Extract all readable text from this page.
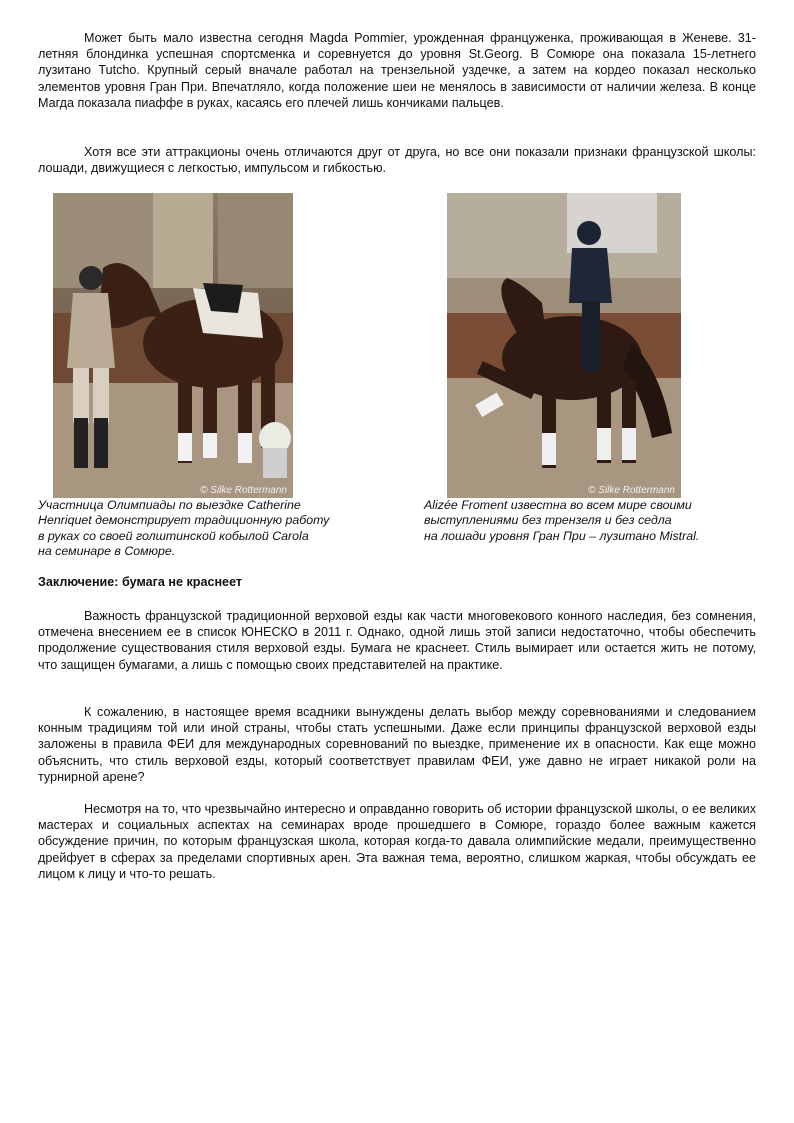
Может быть мало известна сегодня Magda Pommier, урожденная француженка, проживающая в Женеве. 31-летняя блондинка успешная спортсменка и соревнуется до уровня St.Georg. В Сомюре она показала 15-летнего лузитано Tutcho. Крупный серый вначале работал на трензельной уздечке, а затем на кордео показал несколько элементов уровня Гран При. Впечатляло, когда положение шеи не менялось в зависимости от наличии железа. В конце Магда показала пиаффе в руках, касаясь его плечей лишь кончиками пальцев.

Хотя все эти аттракционы очень отличаются друг от друга, но все они показали признаки французской школы: лошади, движущиеся с легкостью, импульсом и гибкостью.

© Silke Rottermann	© Silke Rottermann
Участница Олимпиады по выездке Catherine
Henriquet демонстрирует традиционную работу
в руках со своей голштинской кобылой Carola
на семинаре в Сомюре.
Alizée Froment известна во всем мире своими
выступлениями без трензеля и без седла
на лошади уровня Гран При – лузитано Mistral.

Заключение: бумага не краснеет

Важность французской традиционной верховой езды как части многовекового конного наследия, без сомнения, отмечена внесением ее в список ЮНЕСКО в 2011 г. Однако, одной лишь этой записи недостаточно, чтобы обеспечить продолжение существования стиля верховой езды. Бумага не краснеет. Стиль вымирает или остается жить не потому, что защищен бумагами, а лишь с помощью своих представителей на практике.

К сожалению, в настоящее время всадники вынуждены делать выбор между соревнованиями и следованием конным традициям той или иной страны, чтобы стать успешными. Даже если принципы французской верховой езды заложены в правила ФЕИ для международных соревнований по выездке, применение их в опасности. Как еще можно объяснить, что стиль верховой езды, который соответствует правилам ФЕИ, уже давно не играет никакой роли на турнирной арене?

Несмотря на то, что чрезвычайно интересно и оправданно говорить об истории французской школы, о ее великих мастерах и социальных аспектах на семинарах вроде прошедшего в Сомюре, гораздо более важным кажется обсуждение причин, по которым французская школа, которая когда-то давала олимпийские медали, преимущественно дрейфует в сферах за пределами спортивных арен. Эта важная тема, вероятно, слишком жаркая, чтобы обсуждать ее лицом к лицу и что-то решать.
